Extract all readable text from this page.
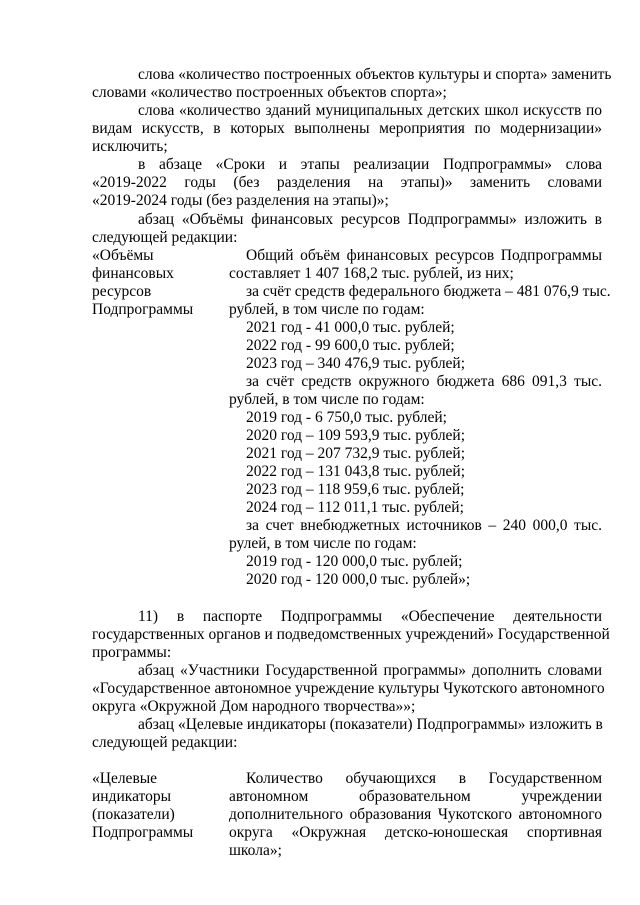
слова «количество построенных объектов культуры и спорта» заменить
словами «количество построенных объектов спорта»;
слова «количество зданий муниципальных детских школ искусств по
видам искусств, в которых выполнены мероприятия по модернизации»
исключить;
в абзаце «Сроки и этапы реализации Подпрограммы» слова
«2019-2022 годы (без разделения на этапы)» заменить словами
«2019-2024 годы (без разделения на этапы)»;
абзац «Объёмы финансовых ресурсов Подпрограммы» изложить в
следующей редакции:
«Объёмы
финансовых
ресурсов
Подпрограммы
Общий объём финансовых ресурсов Подпрограммы
составляет 1 407 168,2 тыс. рублей, из них;
за счёт средств федерального бюджета – 481 076,9 тыс.
рублей, в том числе по годам:
2021 год - 41 000,0 тыс. рублей;
2022 год - 99 600,0 тыс. рублей;
2023 год – 340 476,9 тыс. рублей;
за счёт средств окружного бюджета 686 091,3 тыс.
рублей, в том числе по годам:
2019 год - 6 750,0 тыс. рублей;
2020 год – 109 593,9 тыс. рублей;
2021 год – 207 732,9 тыс. рублей;
2022 год – 131 043,8 тыс. рублей;
2023 год – 118 959,6 тыс. рублей;
2024 год – 112 011,1 тыс. рублей;
за счет внебюджетных источников – 240 000,0 тыс.
рулей, в том числе по годам:
2019 год - 120 000,0 тыс. рублей;
2020 год - 120 000,0 тыс. рублей»;
11) в паспорте Подпрограммы «Обеспечение деятельности
государственных органов и подведомственных учреждений» Государственной
программы:
абзац «Участники Государственной программы» дополнить словами
«Государственное автономное учреждение культуры Чукотского автономного
округа «Окружной Дом народного творчества»»;
абзац «Целевые индикаторы (показатели) Подпрограммы» изложить в
следующей редакции:
«Целевые
индикаторы
(показатели)
Подпрограммы
Количество обучающихся в Государственном
автономном образовательном учреждении
дополнительного образования Чукотского автономного
округа «Окружная детско-юношеская спортивная
школа»;
